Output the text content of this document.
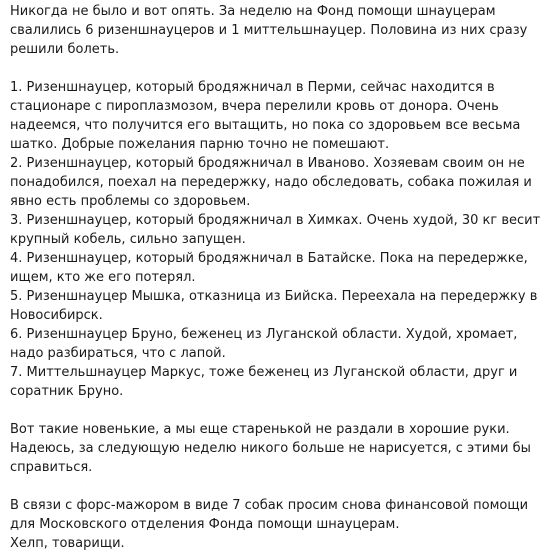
Никогда не было и вот опять. За неделю на Фонд помощи шнауцерам свалились 6 ризеншнауцеров и 1 миттельшнауцер. Половина из них сразу решили болеть.

1. Ризеншнауцер, который бродяжничал в Перми, сейчас находится в стационаре с пироплазмозом, вчера перелили кровь от донора. Очень надеемся, что получится его вытащить, но пока со здоровьем все весьма шатко. Добрые пожелания парню точно не помешают.
2. Ризеншнауцер, который бродяжничал в Иваново. Хозяевам своим он не понадобился, поехал на передержку, надо обследовать, собака пожилая и явно есть проблемы со здоровьем.
3. Ризеншнауцер, который бродяжничал в Химках. Очень худой, 30 кг весит крупный кобель, сильно запущен.
4. Ризеншнауцер, который бродяжничал в Батайске. Пока на передержке, ищем, кто же его потерял.
5. Ризеншнауцер Мышка, отказница из Бийска. Переехала на передержку в Новосибирск.
6. Ризеншнауцер Бруно, беженец из Луганской области. Худой, хромает, надо разбираться, что с лапой.
7. Миттельшнауцер Маркус, тоже беженец из Луганской области, друг и соратник Бруно.

Вот такие новенькие, а мы еще старенькой не раздали в хорошие руки. Надеюсь, за следующую неделю никого больше не нарисуется, с этими бы справиться.

В связи с форс-мажором в виде 7 собак просим снова финансовой помощи для Московского отделения Фонда помощи шнауцерам.

Хелп, товарищи.
